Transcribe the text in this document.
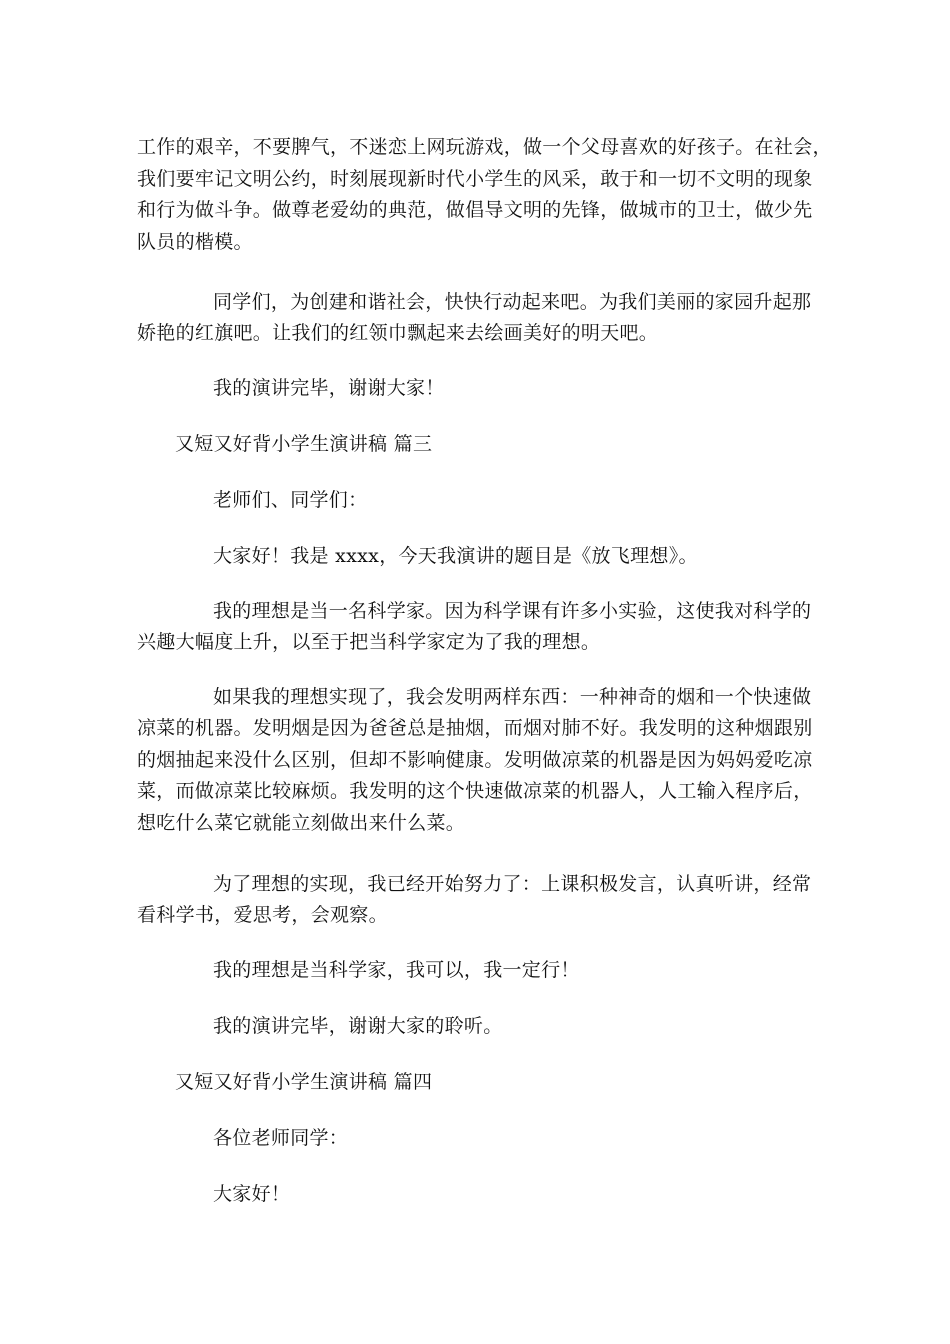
工作的艰辛，不要脾气，不迷恋上网玩游戏，做一个父母喜欢的好孩子。在社会，
我们要牢记文明公约，时刻展现新时代小学生的风采，敢于和一切不文明的现象
和行为做斗争。做尊老爱幼的典范，做倡导文明的先锋，做城市的卫士，做少先
队员的楷模。
同学们，为创建和谐社会，快快行动起来吧。为我们美丽的家园升起那
娇艳的红旗吧。让我们的红领巾飘起来去绘画美好的明天吧。
我的演讲完毕，谢谢大家！
又短又好背小学生演讲稿 篇三
老师们、同学们：
大家好！我是 xxxx，今天我演讲的题目是《放飞理想》。
我的理想是当一名科学家。因为科学课有许多小实验，这使我对科学的
兴趣大幅度上升，以至于把当科学家定为了我的理想。
如果我的理想实现了，我会发明两样东西：一种神奇的烟和一个快速做
凉菜的机器。发明烟是因为爸爸总是抽烟，而烟对肺不好。我发明的这种烟跟别
的烟抽起来没什么区别，但却不影响健康。发明做凉菜的机器是因为妈妈爱吃凉
菜，而做凉菜比较麻烦。我发明的这个快速做凉菜的机器人，人工输入程序后，
想吃什么菜它就能立刻做出来什么菜。
为了理想的实现，我已经开始努力了：上课积极发言，认真听讲，经常
看科学书，爱思考，会观察。
我的理想是当科学家，我可以，我一定行！
我的演讲完毕，谢谢大家的聆听。
又短又好背小学生演讲稿 篇四
各位老师同学：
大家好！
